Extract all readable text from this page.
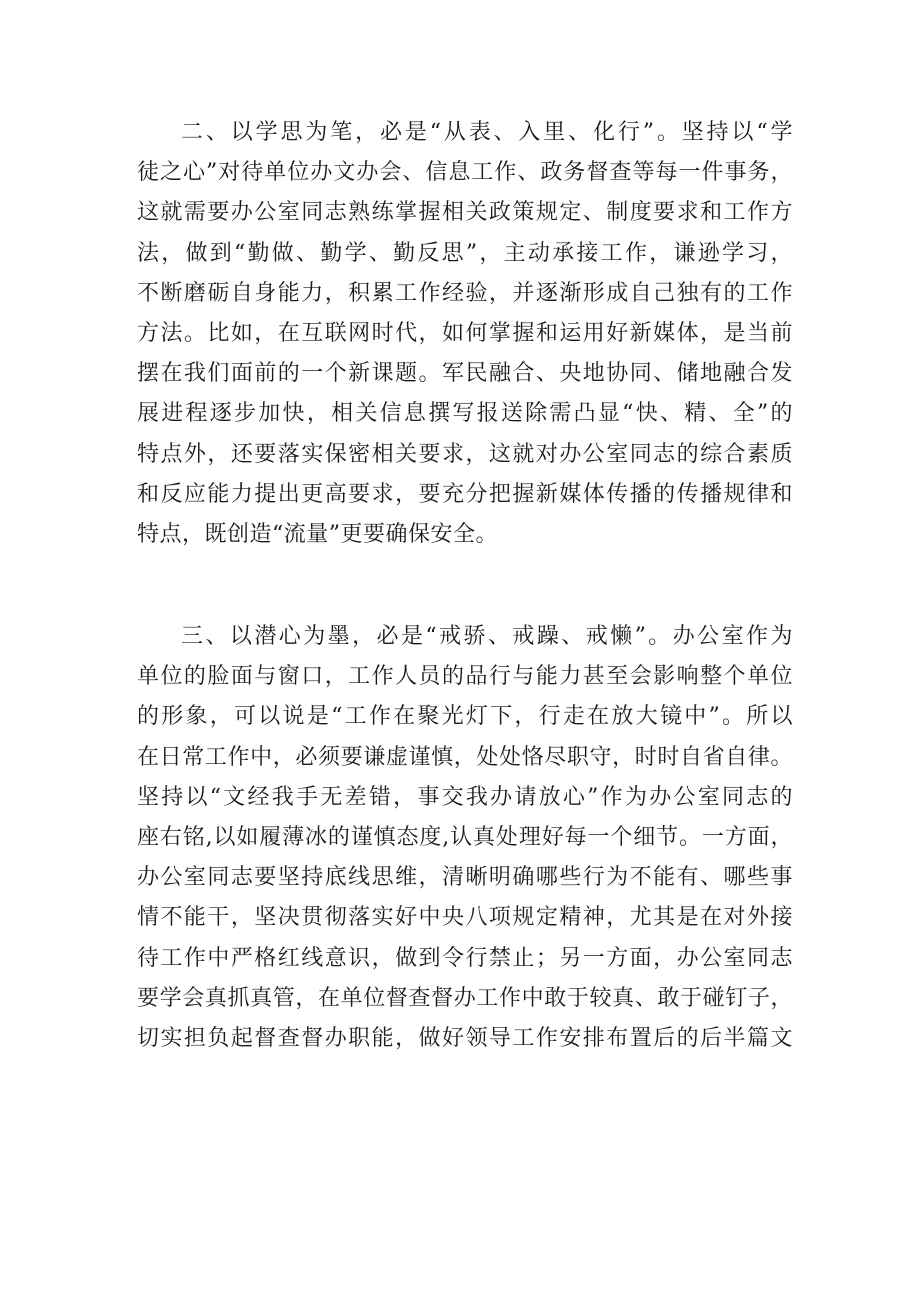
二、以学思为笔，必是“从表、入里、化行”。坚持以“学
徒之心”对待单位办文办会、信息工作、政务督查等每一件事务，
这就需要办公室同志熟练掌握相关政策规定、制度要求和工作方
法，做到“勤做、勤学、勤反思”，主动承接工作，谦逊学习，
不断磨砺自身能力，积累工作经验，并逐渐形成自己独有的工作
方法。比如，在互联网时代，如何掌握和运用好新媒体，是当前
摆在我们面前的一个新课题。军民融合、央地协同、储地融合发
展进程逐步加快，相关信息撰写报送除需凸显“快、精、全”的
特点外，还要落实保密相关要求，这就对办公室同志的综合素质
和反应能力提出更高要求，要充分把握新媒体传播的传播规律和
特点，既创造“流量”更要确保安全。
三、以潜心为墨，必是“戒骄、戒躁、戒懒”。办公室作为
单位的脸面与窗口，工作人员的品行与能力甚至会影响整个单位
的形象，可以说是“工作在聚光灯下，行走在放大镜中”。所以
在日常工作中，必须要谦虚谨慎，处处恪尽职守，时时自省自律。
坚持以“文经我手无差错，事交我办请放心”作为办公室同志的
座右铭,以如履薄冰的谨慎态度,认真处理好每一个细节。一方面，
办公室同志要坚持底线思维，清晰明确哪些行为不能有、哪些事
情不能干，坚决贯彻落实好中央八项规定精神，尤其是在对外接
待工作中严格红线意识，做到令行禁止；另一方面，办公室同志
要学会真抓真管，在单位督查督办工作中敢于较真、敢于碰钉子，
切实担负起督查督办职能，做好领导工作安排布置后的后半篇文
